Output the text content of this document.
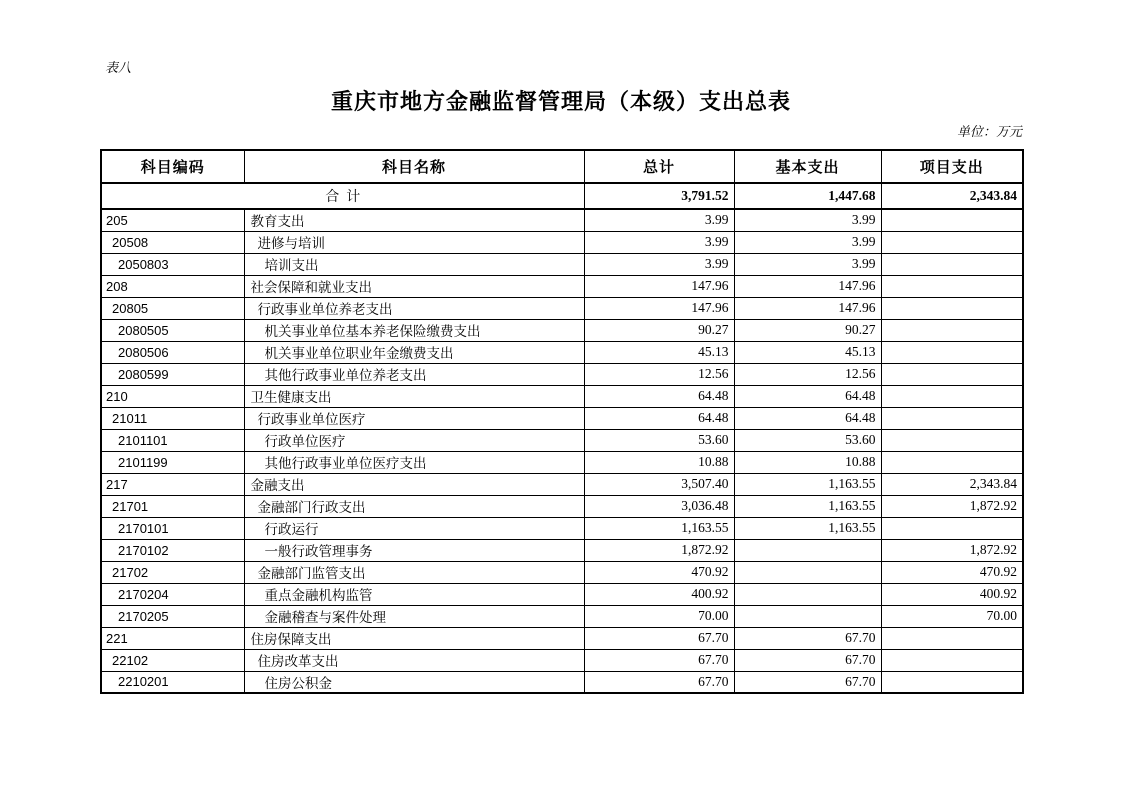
表八
重庆市地方金融监督管理局（本级）支出总表
单位：万元
科目编码	科目名称	总计	基本支出	项目支出
合计		3,791.52	1,447.68	2,343.84
205	教育支出	3.99	3.99	
20508	进修与培训	3.99	3.99	
2050803	培训支出	3.99	3.99	
208	社会保障和就业支出	147.96	147.96	
20805	行政事业单位养老支出	147.96	147.96	
2080505	机关事业单位基本养老保险缴费支出	90.27	90.27	
2080506	机关事业单位职业年金缴费支出	45.13	45.13	
2080599	其他行政事业单位养老支出	12.56	12.56	
210	卫生健康支出	64.48	64.48	
21011	行政事业单位医疗	64.48	64.48	
2101101	行政单位医疗	53.60	53.60	
2101199	其他行政事业单位医疗支出	10.88	10.88	
217	金融支出	3,507.40	1,163.55	2,343.84
21701	金融部门行政支出	3,036.48	1,163.55	1,872.92
2170101	行政运行	1,163.55	1,163.55	
2170102	一般行政管理事务	1,872.92		1,872.92
21702	金融部门监管支出	470.92		470.92
2170204	重点金融机构监管	400.92		400.92
2170205	金融稽查与案件处理	70.00		70.00
221	住房保障支出	67.70	67.70	
22102	住房改革支出	67.70	67.70	
2210201	住房公积金	67.70	67.70	
